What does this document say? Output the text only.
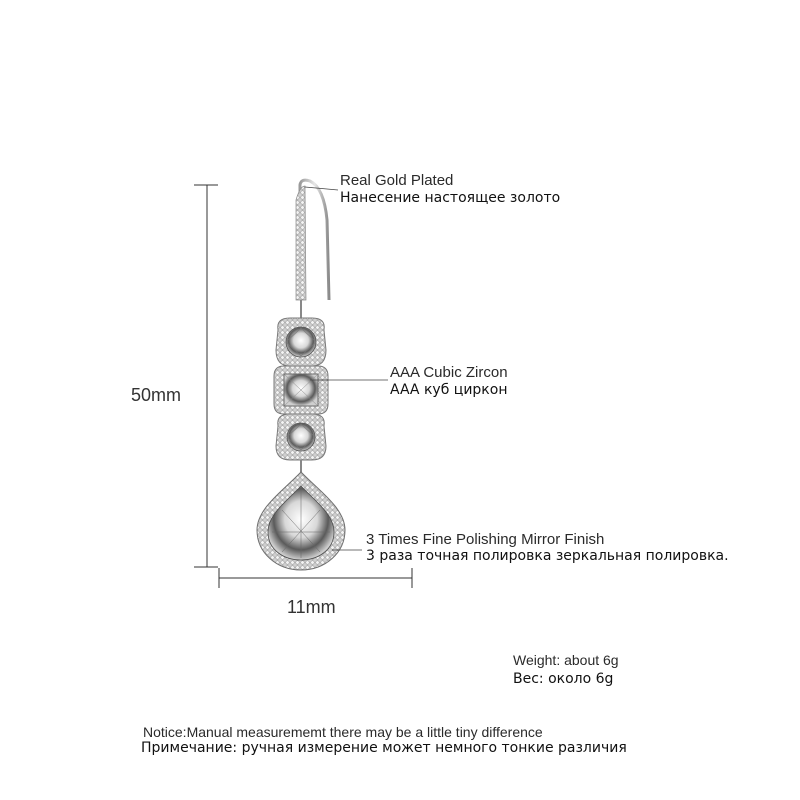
50mm
11mm
Real Gold Plated
Нанесение настоящее золото
AAA Cubic Zircon
AAA куб циркон
3 Times Fine Polishing Mirror Finish
3 раза точная полировка зеркальная полировка.
Weight: about 6g
Вес: около 6g
Notice:Manual measurememt there may be a little tiny difference
Примечание: ручная измерение может немного тонкие различия
